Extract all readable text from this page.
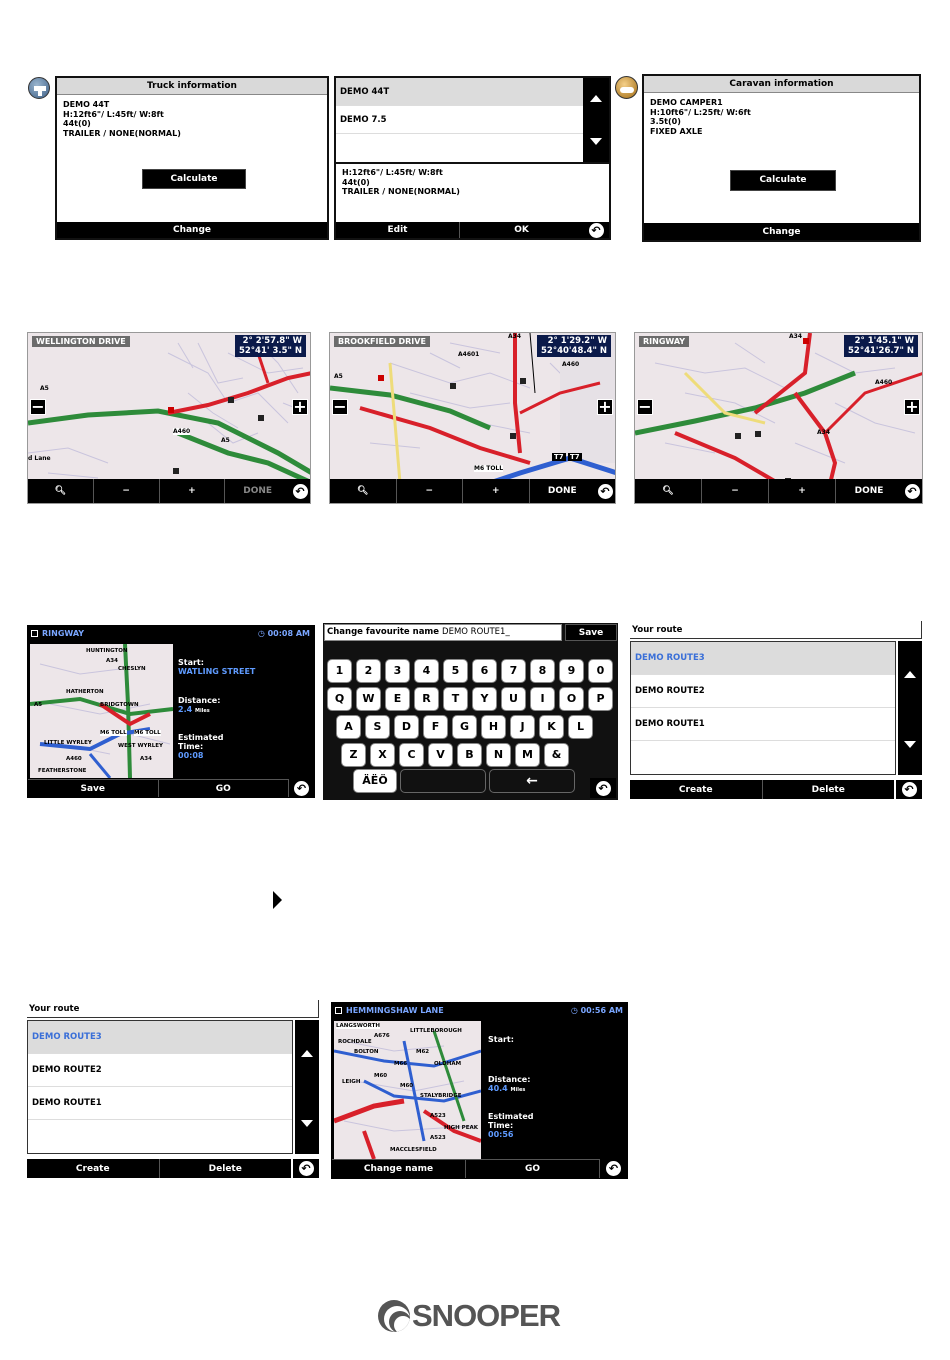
Truck information
DEMO 44T
H:12ft6"/ L:45ft/ W:8ft
44t(0)
TRAILER / NONE(NORMAL)
Calculate
Change
DEMO 44T
DEMO 7.5
H:12ft6"/ L:45ft/ W:8ft
44t(0)
TRAILER / NONE(NORMAL)
Edit	OK	↶
Caravan information
DEMO CAMPER1
H:10ft6"/ L:25ft/ W:6ft
3.5t(0)
FIXED AXLE
Calculate
Change
WELLINGTON DRIVE	2° 2'57.8" W
52°41' 3.5" N
A5
A460
A5
d Lane
−	+
🔍︎	−	+	DONE	↶
BROOKFIELD DRIVE	2° 1'29.2" W
52°40'48.4" N
A34
A4601
A460
A5
M6 TOLL
T7 T7
−	+
🔍︎	−	+	DONE	↶
RINGWAY	2° 1'45.1" W
52°41'26.7" N
A34
A460
A34
−	+
🔍︎	−	+	DONE	↶
RINGWAY	◷ 00:08 AM
HUNTINGTON
A34
CHESLYN
HATHERTON
A5	BRIDGTOWN
M6 TOLL M6 TOLL
LITTLE WYRLEY	WEST WYRLEY
A34
A460
FEATHERSTONE
Start:
WATLING STREET
Distance:
2.4 Miles
Estimated
Time:
00:08
Save	GO	↶
Change favourite name DEMO ROUTE1_	Save
1	2	3	4	5	6	7	8	9	0
Q	W	E	R	T	Y	U	I	O	P
A	S	D	F	G	H	J	K	L
Z	X	C	V	B	N	M	&
ÄËÖ	←	↶
Your route
DEMO ROUTE3
DEMO ROUTE2
DEMO ROUTE1
Create	Delete	↶
Your route
DEMO ROUTE3
DEMO ROUTE2
DEMO ROUTE1
Create	Delete	↶
HEMMINGSHAW LANE	◷ 00:56 AM
LANGSWORTH
LITTLEBOROUGH
A676
ROCHDALE
BOLTON	M62
M66	OLDHAM
LEIGH
M60
M60
STALYBRIDGE
A523
HIGH PEAK
A523
MACCLESFIELD
Start:
Distance:
40.4 Miles
Estimated
Time:
00:56
Change name	GO	↶
SNOOPER
